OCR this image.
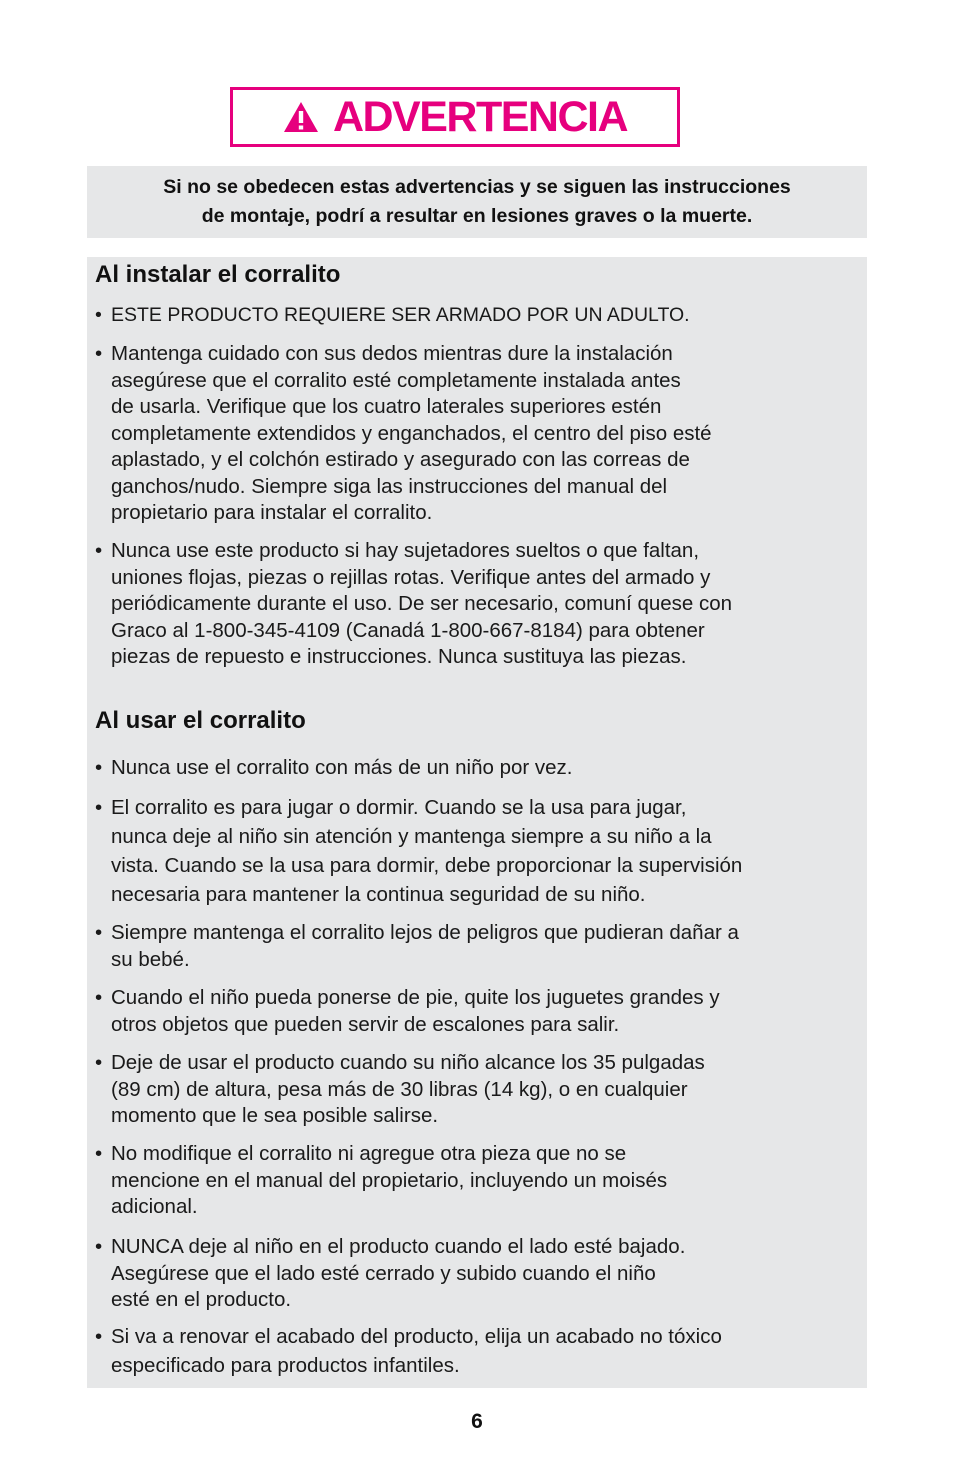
ADVERTENCIA
Si no se obedecen estas advertencias y se siguen las instrucciones
de montaje, podrí a resultar en lesiones graves o la muerte.
Al instalar el corralito
• ESTE PRODUCTO REQUIERE SER ARMADO POR UN ADULTO.
• Mantenga cuidado con sus dedos mientras dure la instalación
asegúrese que el corralito esté completamente instalada antes
de usarla. Verifique que los cuatro laterales superiores estén
completamente extendidos y enganchados, el centro del piso esté
aplastado, y el colchón estirado y asegurado con las correas de
ganchos/nudo. Siempre siga las instrucciones del manual del
propietario para instalar el corralito.
• Nunca use este producto si hay sujetadores sueltos o que faltan,
uniones flojas, piezas o rejillas rotas. Verifique antes del armado y
periódicamente durante el uso. De ser necesario, comuní quese con
Graco al 1-800-345-4109 (Canadá 1-800-667-8184) para obtener
piezas de repuesto e instrucciones. Nunca sustituya las piezas.
Al usar el corralito
• Nunca use el corralito con más de un niño por vez.
• El corralito es para jugar o dormir. Cuando se la usa para jugar,
nunca deje al niño sin atención y mantenga siempre a su niño a la
vista. Cuando se la usa para dormir, debe proporcionar la supervisión
necesaria para mantener la continua seguridad de su niño.
• Siempre mantenga el corralito lejos de peligros que pudieran dañar a
su bebé.
• Cuando el niño pueda ponerse de pie, quite los juguetes grandes y
otros objetos que pueden servir de escalones para salir.
• Deje de usar el producto cuando su niño alcance los 35 pulgadas
(89 cm) de altura, pesa más de 30 libras (14 kg), o en cualquier
momento que le sea posible salirse.
• No modifique el corralito ni agregue otra pieza que no se
mencione en el manual del propietario, incluyendo un moisés
adicional.
• NUNCA deje al niño en el producto cuando el lado esté bajado.
Asegúrese que el lado esté cerrado y subido cuando el niño
esté en el producto.
• Si va a renovar el acabado del producto, elija un acabado no tóxico
especificado para productos infantiles.
6
